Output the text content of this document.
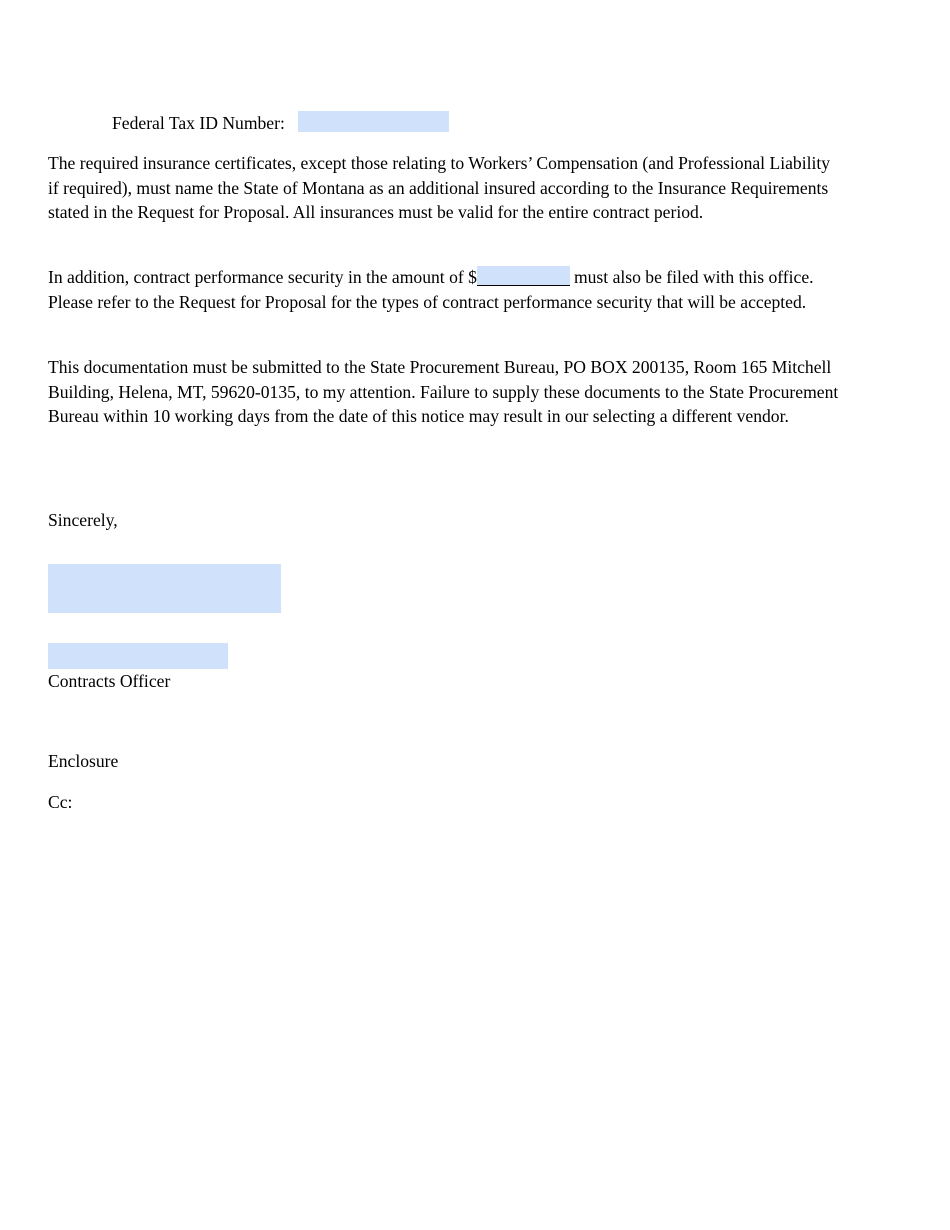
Federal Tax ID Number:

The required insurance certificates, except those relating to Workers’ Compensation (and Professional Liability if required), must name the State of Montana as an additional insured according to the Insurance Requirements stated in the Request for Proposal. All insurances must be valid for the entire contract period.

In addition, contract performance security in the amount of $	must also be filed with this office. Please refer to the Request for Proposal for the types of contract performance security that will be accepted.

This documentation must be submitted to the State Procurement Bureau, PO BOX 200135, Room 165 Mitchell Building, Helena, MT, 59620-0135, to my attention. Failure to supply these documents to the State Procurement Bureau within 10 working days from the date of this notice may result in our selecting a different vendor.

Sincerely,
Contracts Officer
Enclosure
Cc:
